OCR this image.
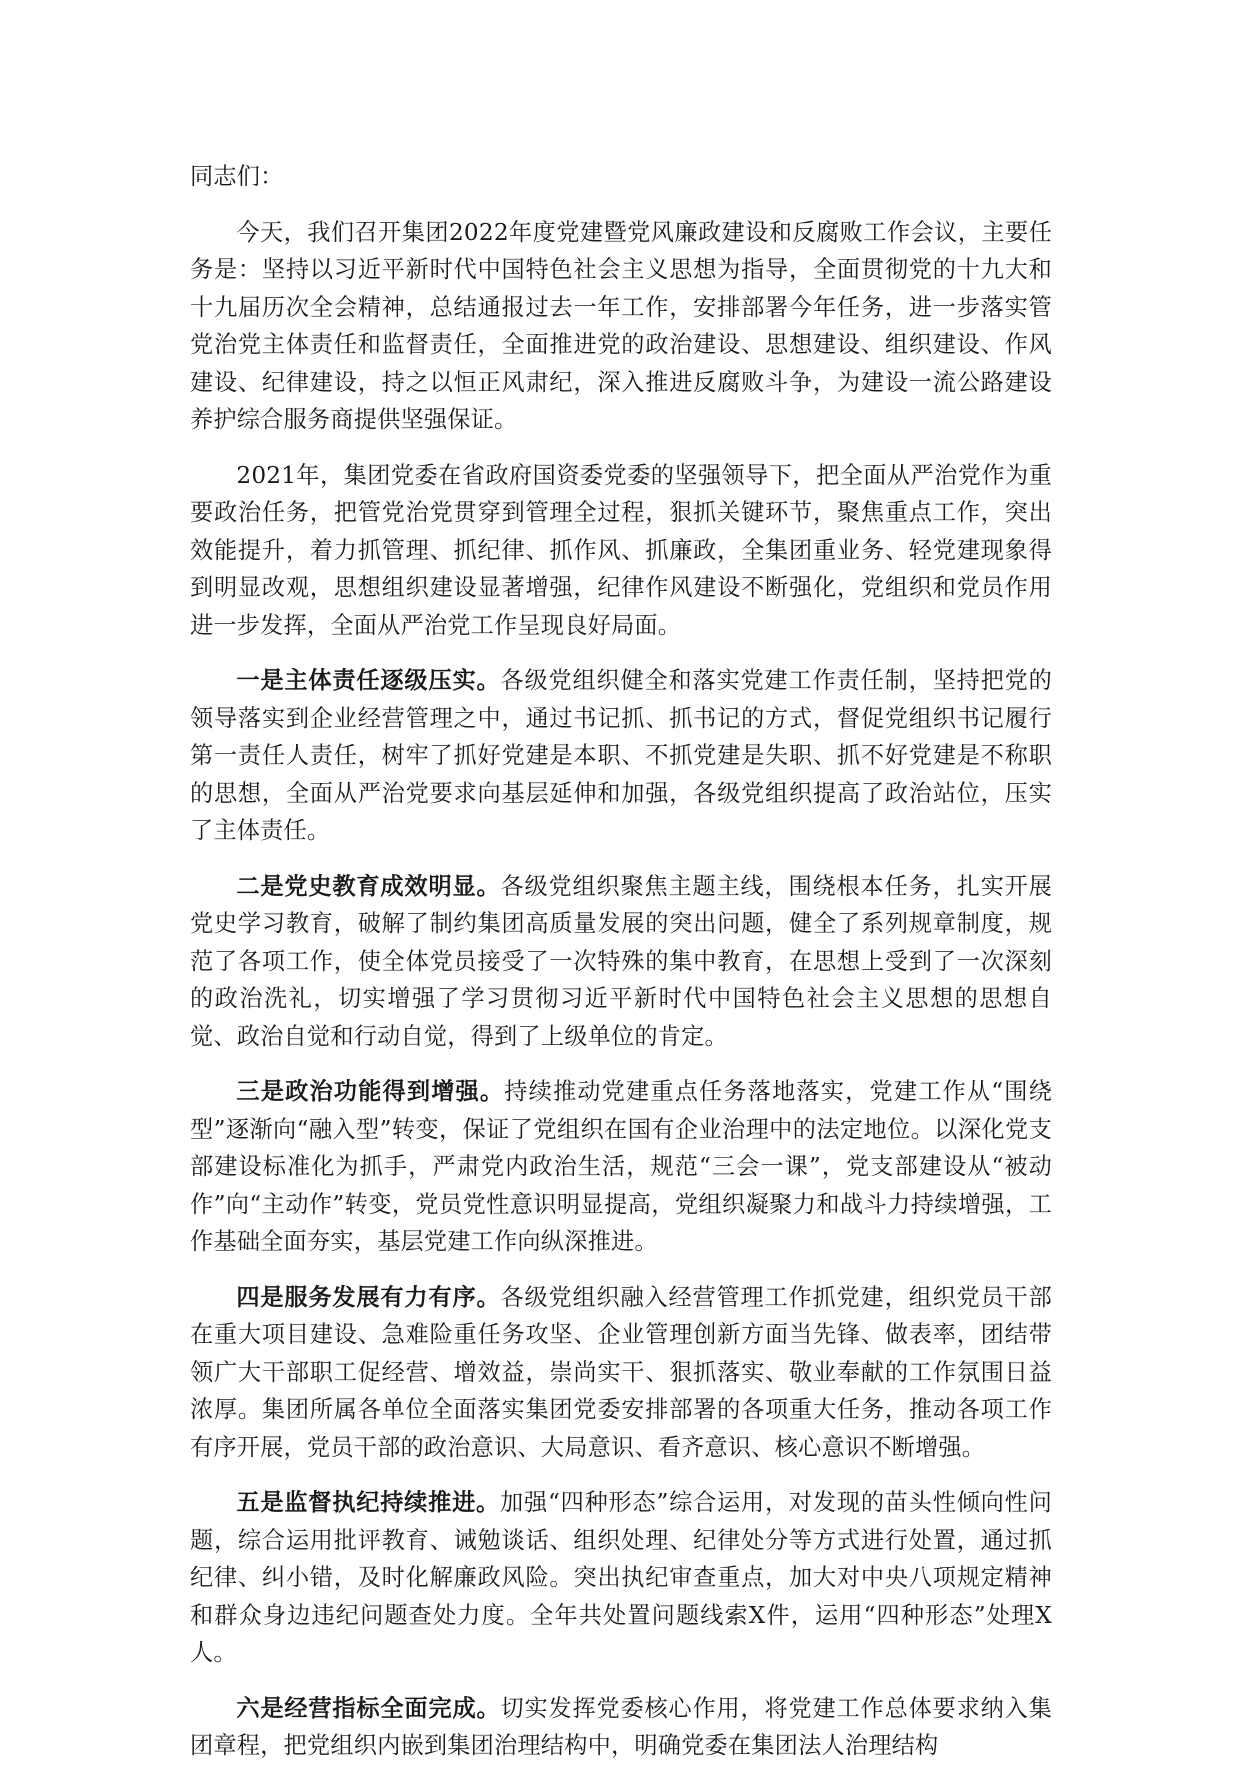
同志们：

今天，我们召开集团2022年度党建暨党风廉政建设和反腐败工作会议，主要任务是：坚持以习近平新时代中国特色社会主义思想为指导，全面贯彻党的十九大和十九届历次全会精神，总结通报过去一年工作，安排部署今年任务，进一步落实管党治党主体责任和监督责任，全面推进党的政治建设、思想建设、组织建设、作风建设、纪律建设，持之以恒正风肃纪，深入推进反腐败斗争，为建设一流公路建设养护综合服务商提供坚强保证。

2021年，集团党委在省政府国资委党委的坚强领导下，把全面从严治党作为重要政治任务，把管党治党贯穿到管理全过程，狠抓关键环节，聚焦重点工作，突出效能提升，着力抓管理、抓纪律、抓作风、抓廉政，全集团重业务、轻党建现象得到明显改观，思想组织建设显著增强，纪律作风建设不断强化，党组织和党员作用进一步发挥，全面从严治党工作呈现良好局面。

一是主体责任逐级压实。各级党组织健全和落实党建工作责任制，坚持把党的领导落实到企业经营管理之中，通过书记抓、抓书记的方式，督促党组织书记履行第一责任人责任，树牢了抓好党建是本职、不抓党建是失职、抓不好党建是不称职的思想，全面从严治党要求向基层延伸和加强，各级党组织提高了政治站位，压实了主体责任。

二是党史教育成效明显。各级党组织聚焦主题主线，围绕根本任务，扎实开展党史学习教育，破解了制约集团高质量发展的突出问题，健全了系列规章制度，规范了各项工作，使全体党员接受了一次特殊的集中教育，在思想上受到了一次深刻的政治洗礼，切实增强了学习贯彻习近平新时代中国特色社会主义思想的思想自觉、政治自觉和行动自觉，得到了上级单位的肯定。

三是政治功能得到增强。持续推动党建重点任务落地落实，党建工作从“围绕型”逐渐向“融入型”转变，保证了党组织在国有企业治理中的法定地位。以深化党支部建设标准化为抓手，严肃党内政治生活，规范“三会一课”，党支部建设从“被动作”向“主动作”转变，党员党性意识明显提高，党组织凝聚力和战斗力持续增强，工作基础全面夯实，基层党建工作向纵深推进。

四是服务发展有力有序。各级党组织融入经营管理工作抓党建，组织党员干部在重大项目建设、急难险重任务攻坚、企业管理创新方面当先锋、做表率，团结带领广大干部职工促经营、增效益，崇尚实干、狠抓落实、敬业奉献的工作氛围日益浓厚。集团所属各单位全面落实集团党委安排部署的各项重大任务，推动各项工作有序开展，党员干部的政治意识、大局意识、看齐意识、核心意识不断增强。

五是监督执纪持续推进。加强“四种形态”综合运用，对发现的苗头性倾向性问题，综合运用批评教育、诫勉谈话、组织处理、纪律处分等方式进行处置，通过抓纪律、纠小错，及时化解廉政风险。突出执纪审查重点，加大对中央八项规定精神和群众身边违纪问题查处力度。全年共处置问题线索X件，运用“四种形态”处理X人。

六是经营指标全面完成。切实发挥党委核心作用，将党建工作总体要求纳入集团章程，把党组织内嵌到集团治理结构中，明确党委在集团法人治理结构
